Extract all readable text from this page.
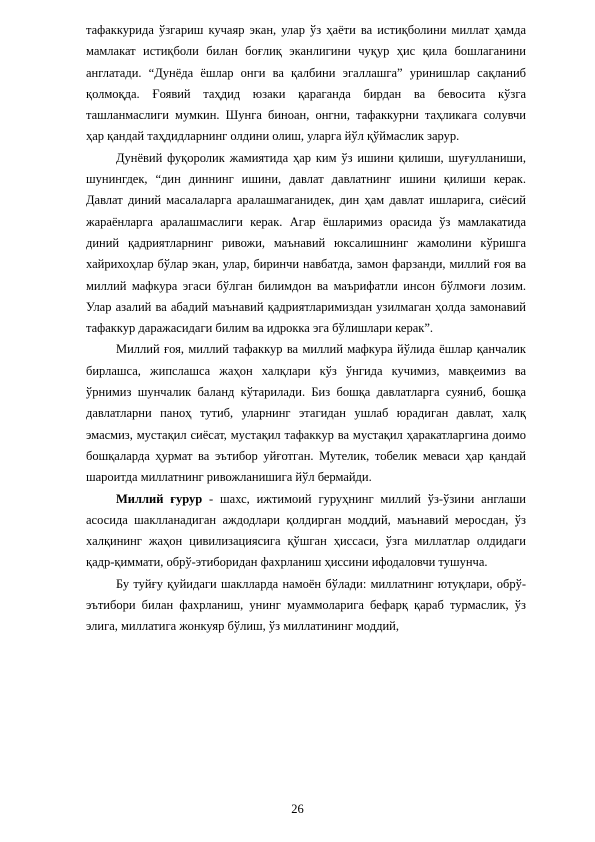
тафаккурида ўзгариш кучаяр экан, улар ўз ҳаёти ва истиқболини миллат ҳамда мамлакат истиқболи билан боғлиқ эканлигини чуқур ҳис қила бошлаганини англатади. “Дунёда ёшлар онги ва қалбини эгаллашга” уринишлар сақланиб қолмоқда. Ғоявий таҳдид юзаки қараганда бирдан ва бевосита кўзга ташланмаслиги мумкин. Шунга биноан, онгни, тафаккурни таҳликага солувчи ҳар қандай таҳдидларнинг олдини олиш, уларга йўл қўймаслик зарур.

Дунёвий фуқоролик жамиятида ҳар ким ўз ишини қилиши, шуғулланиши, шунингдек, “дин диннинг ишини, давлат давлатнинг ишини қилиши керак. Давлат диний масалаларга аралашмаганидек, дин ҳам давлат ишларига, сиёсий жараёнларга аралашмаслиги керак. Агар ёшларимиз орасида ўз мамлакатида диний қадриятларнинг ривожи, маънавий юксалишнинг жамолини кўришга хайрихоҳлар бўлар экан, улар, биринчи навбатда, замон фарзанди, миллий ғоя ва миллий мафкура эгаси бўлган билимдон ва маърифатли инсон бўлмоғи лозим. Улар азалий ва абадий маънавий қадриятларимиздан узилмаган ҳолда замонавий тафаккур даражасидаги билим ва идрокка эга бўлишлари керак”.

Миллий ғоя, миллий тафаккур ва миллий мафкура йўлида ёшлар қанчалик бирлашса, жипслашса жаҳон халқлари кўз ўнгида кучимиз, мавқеимиз ва ўрнимиз шунчалик баланд кўтарилади. Биз бошқа давлатларга суяниб, бошқа давлатларни паноҳ тутиб, уларнинг этагидан ушлаб юрадиган давлат, халқ эмасмиз, мустақил сиёсат, мустақил тафаккур ва мустақил ҳаракатларгина доимо бошқаларда ҳурмат ва эътибор уйғотган. Мутелик, тобелик меваси ҳар қандай шароитда миллатнинг ривожланишига йўл бермайди.

Миллий ғурур - шахс, ижтимоий гуруҳнинг миллий ўз-ўзини англаши асосида шаклланадиган аждодлари қолдирган моддий, маънавий меросдан, ўз халқининг жаҳон цивилизациясига қўшган ҳиссаси, ўзга миллатлар олдидаги қадр-қиммати, обрў-этиборидан фахрланиш ҳиссини ифодаловчи тушунча.

Бу туйғу қуйидаги шаклларда намоён бўлади: миллатнинг ютуқлари, обрў-эътибори билан фахрланиш, унинг муаммоларига бефарқ қараб турмаслик, ўз элига, миллатига жонкуяр бўлиш, ўз миллатининг моддий,

26
